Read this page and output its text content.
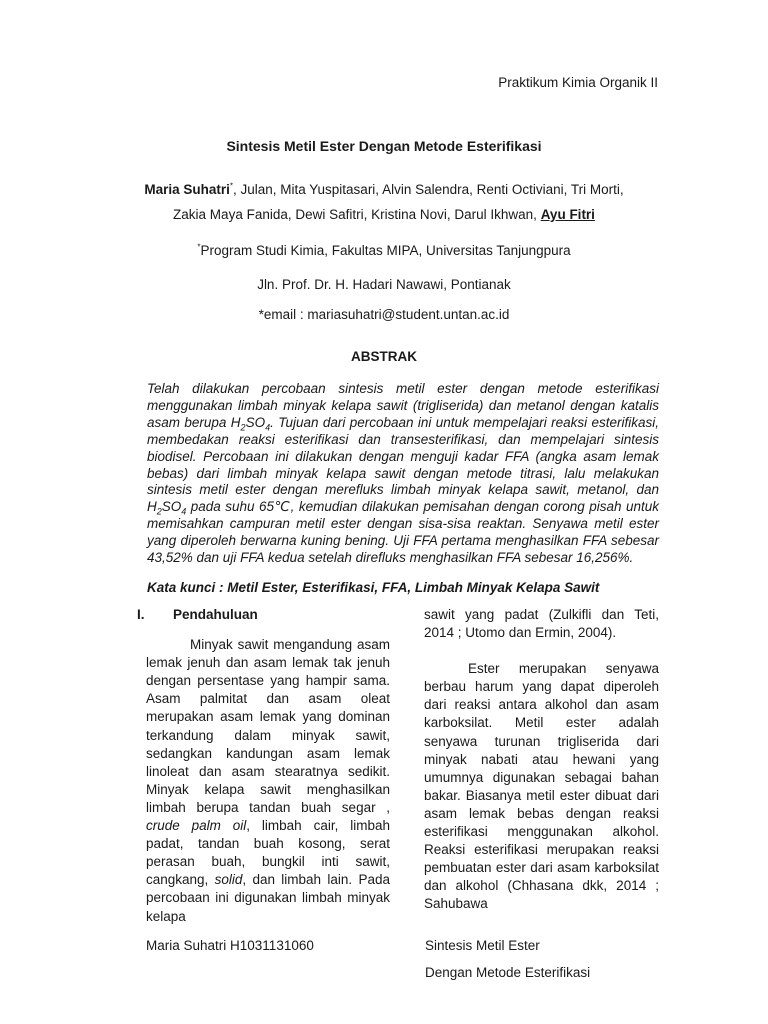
Praktikum Kimia Organik II
Sintesis Metil Ester Dengan Metode Esterifikasi
Maria Suhatri*, Julan, Mita Yuspitasari, Alvin Salendra, Renti Octiviani, Tri Morti,
Zakia Maya Fanida, Dewi Safitri, Kristina Novi, Darul Ikhwan, Ayu Fitri
*Program Studi Kimia, Fakultas MIPA, Universitas Tanjungpura
Jln. Prof. Dr. H. Hadari Nawawi, Pontianak
*email : mariasuhatri@student.untan.ac.id
ABSTRAK
Telah dilakukan percobaan sintesis metil ester dengan metode esterifikasi menggunakan limbah minyak kelapa sawit (trigliserida) dan metanol dengan katalis asam berupa $H_2SO_4$. Tujuan dari percobaan ini untuk mempelajari reaksi esterifikasi, membedakan reaksi esterifikasi dan transesterifikasi, dan mempelajari sintesis biodisel. Percobaan ini dilakukan dengan menguji kadar FFA (angka asam lemak bebas) dari limbah minyak kelapa sawit dengan metode titrasi, lalu melakukan sintesis metil ester dengan merefluks limbah minyak kelapa sawit, metanol, dan $H_2SO_4$ pada suhu 65℃, kemudian dilakukan pemisahan dengan corong pisah untuk memisahkan campuran metil ester dengan sisa-sisa reaktan. Senyawa metil ester yang diperoleh berwarna kuning bening. Uji FFA pertama menghasilkan FFA sebesar 43,52% dan uji FFA kedua setelah direfluks menghasilkan FFA sebesar 16,256%.
Kata kunci : Metil Ester, Esterifikasi, FFA, Limbah Minyak Kelapa Sawit
I.	Pendahuluan
Minyak sawit mengandung asam lemak jenuh dan asam lemak tak jenuh dengan persentase yang hampir sama. Asam palmitat dan asam oleat merupakan asam lemak yang dominan terkandung dalam minyak sawit, sedangkan kandungan asam lemak linoleat dan asam stearatnya sedikit. Minyak kelapa sawit menghasilkan limbah berupa tandan buah segar , crude palm oil, limbah cair, limbah padat, tandan buah kosong, serat perasan buah, bungkil inti sawit, cangkang, solid, dan limbah lain. Pada percobaan ini digunakan limbah minyak kelapa
sawit yang padat (Zulkifli dan Teti, 2014 ; Utomo dan Ermin, 2004).
Ester merupakan senyawa berbau harum yang dapat diperoleh dari reaksi antara alkohol dan asam karboksilat. Metil ester adalah senyawa turunan trigliserida dari minyak nabati atau hewani yang umumnya digunakan sebagai bahan bakar. Biasanya metil ester dibuat dari asam lemak bebas dengan reaksi esterifikasi menggunakan alkohol. Reaksi esterifikasi merupakan reaksi pembuatan ester dari asam karboksilat dan alkohol (Chhasana dkk, 2014 ; Sahubawa
Maria Suhatri H1031131060	Sintesis Metil Ester
Dengan Metode Esterifikasi
